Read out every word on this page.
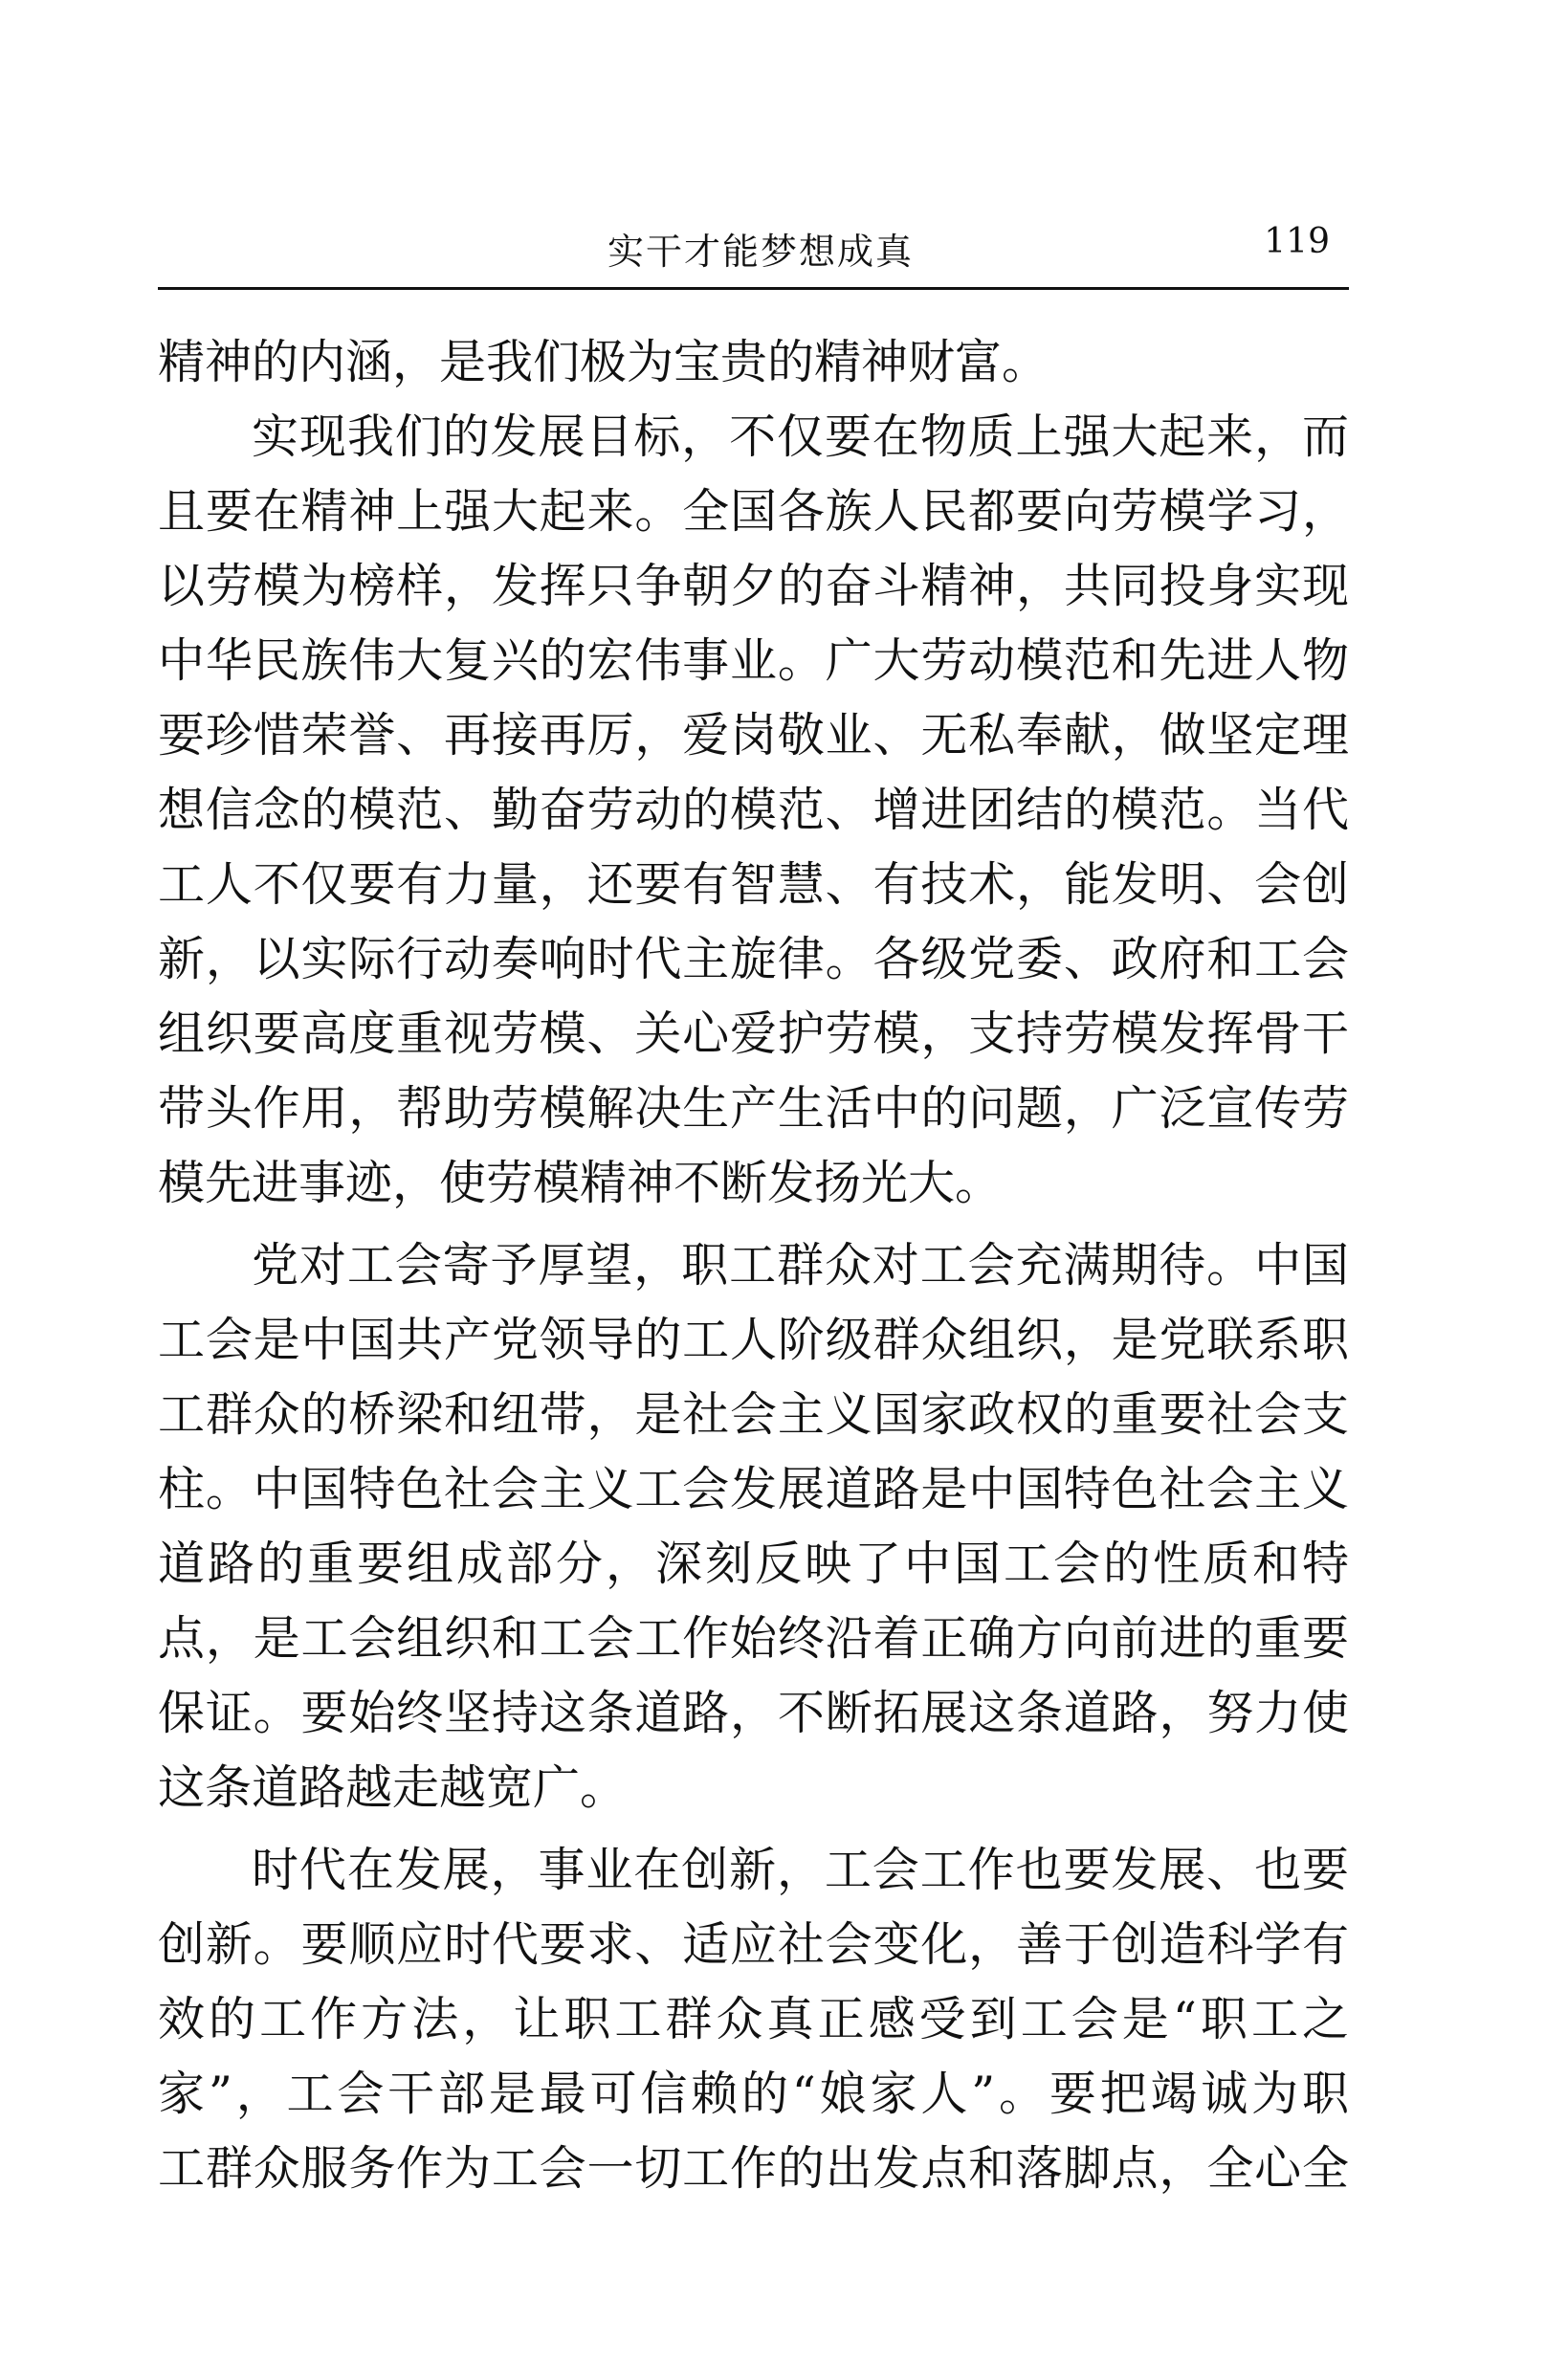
实干才能梦想成真	119
精神的内涵，是我们极为宝贵的精神财富。
实现我们的发展目标，不仅要在物质上强大起来，而
且要在精神上强大起来。全国各族人民都要向劳模学习，
以劳模为榜样，发挥只争朝夕的奋斗精神，共同投身实现
中华民族伟大复兴的宏伟事业。广大劳动模范和先进人物
要珍惜荣誉、再接再厉，爱岗敬业、无私奉献，做坚定理
想信念的模范、勤奋劳动的模范、增进团结的模范。当代
工人不仅要有力量，还要有智慧、有技术，能发明、会创
新，以实际行动奏响时代主旋律。各级党委、政府和工会
组织要高度重视劳模、关心爱护劳模，支持劳模发挥骨干
带头作用，帮助劳模解决生产生活中的问题，广泛宣传劳
模先进事迹，使劳模精神不断发扬光大。
党对工会寄予厚望，职工群众对工会充满期待。中国
工会是中国共产党领导的工人阶级群众组织，是党联系职
工群众的桥梁和纽带，是社会主义国家政权的重要社会支
柱。中国特色社会主义工会发展道路是中国特色社会主义
道路的重要组成部分，深刻反映了中国工会的性质和特
点，是工会组织和工会工作始终沿着正确方向前进的重要
保证。要始终坚持这条道路，不断拓展这条道路，努力使
这条道路越走越宽广。
时代在发展，事业在创新，工会工作也要发展、也要
创新。要顺应时代要求、适应社会变化，善于创造科学有
效的工作方法，让职工群众真正感受到工会是“职工之
家”，工会干部是最可信赖的“娘家人”。要把竭诚为职
工群众服务作为工会一切工作的出发点和落脚点，全心全
